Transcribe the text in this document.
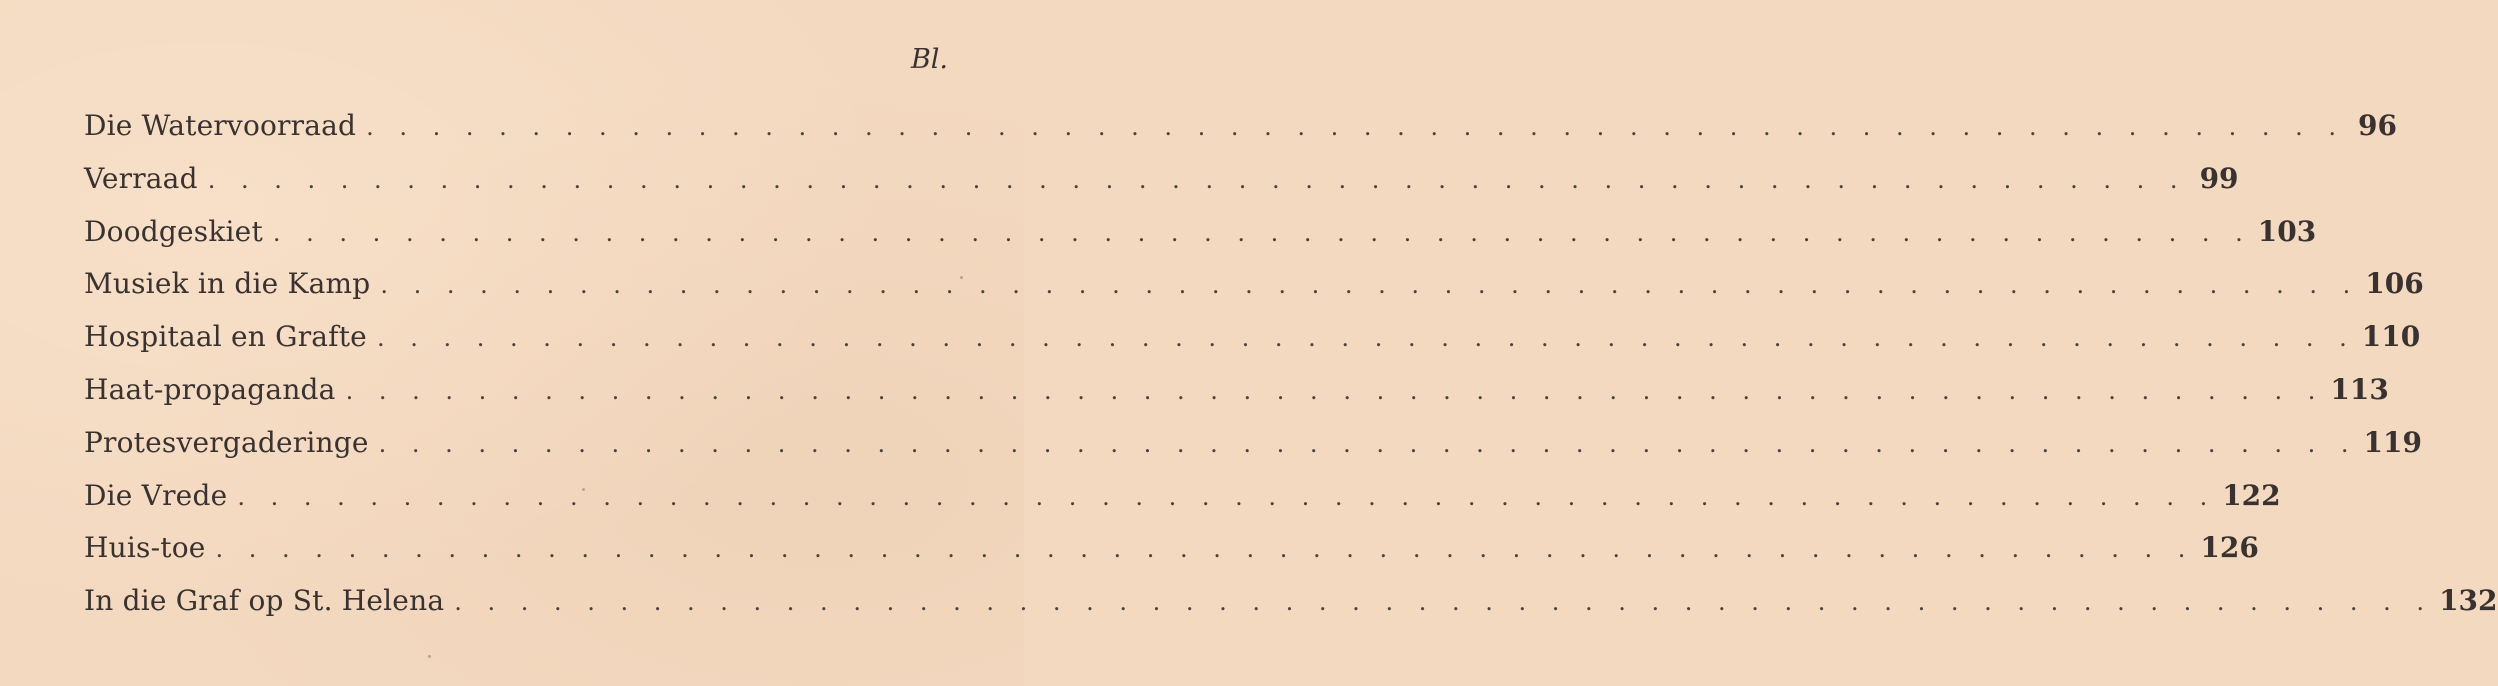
Bl.
Die Watervoorraad . . . . . . . . . . . . . . . . . . . . . . . . . . . . . . . . . . . . . . . . . . . . . . . . . . . . . . . . . . . . 96
Verraad . . . . . . . . . . . . . . . . . . . . . . . . . . . . . . . . . . . . . . . . . . . . . . . . . . . . . . . . . . . . 99
Doodgeskiet . . . . . . . . . . . . . . . . . . . . . . . . . . . . . . . . . . . . . . . . . . . . . . . . . . . . . . . . . . . . 103
Musiek in die Kamp . . . . . . . . . . . . . . . . . . . . . . . . . . . . . . . . . . . . . . . . . . . . . . . . . . . . . . . . . . . . 106
Hospitaal en Grafte . . . . . . . . . . . . . . . . . . . . . . . . . . . . . . . . . . . . . . . . . . . . . . . . . . . . . . . . . . . . 110
Haat-propaganda . . . . . . . . . . . . . . . . . . . . . . . . . . . . . . . . . . . . . . . . . . . . . . . . . . . . . . . . . . . . 113
Protesvergaderinge . . . . . . . . . . . . . . . . . . . . . . . . . . . . . . . . . . . . . . . . . . . . . . . . . . . . . . . . . . . . 119
Die Vrede . . . . . . . . . . . . . . . . . . . . . . . . . . . . . . . . . . . . . . . . . . . . . . . . . . . . . . . . . . . . 122
Huis-toe . . . . . . . . . . . . . . . . . . . . . . . . . . . . . . . . . . . . . . . . . . . . . . . . . . . . . . . . . . . . 126
In die Graf op St. Helena . . . . . . . . . . . . . . . . . . . . . . . . . . . . . . . . . . . . . . . . . . . . . . . . . . . . . . . . . . . . 132
